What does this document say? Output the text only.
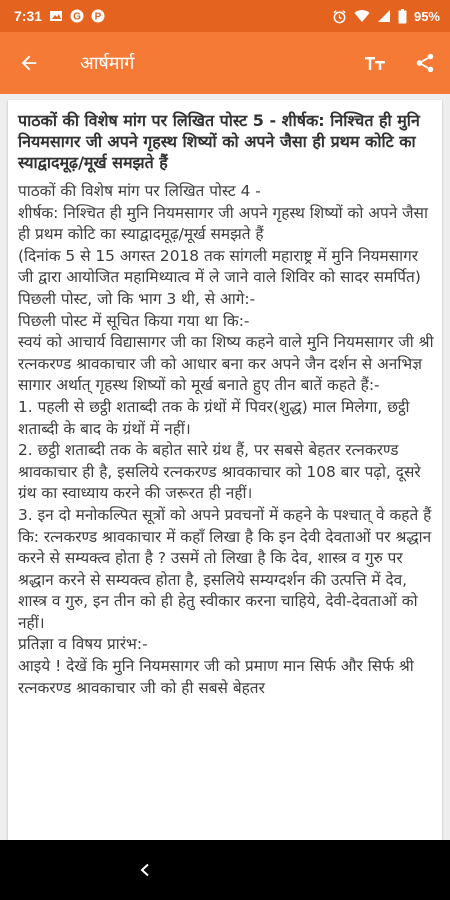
7:31	G P	95%
आर्षमार्ग
पाठकों की विशेष मांग पर लिखित पोस्ट 5 - शीर्षक: निश्चित ही मुनि नियमसागर जी अपने गृहस्थ शिष्यों को अपने जैसा ही प्रथम कोटि का स्याद्वादमूढ़/मूर्ख समझते हैं

पाठकों की विशेष मांग पर लिखित पोस्ट 4 -

शीर्षक: निश्चित ही मुनि नियमसागर जी अपने गृहस्थ शिष्यों को अपने जैसा ही प्रथम कोटि का स्याद्वादमूढ़/मूर्ख समझते हैं

(दिनांक 5 से 15 अगस्त 2018 तक सांगली महाराष्ट्र में मुनि नियमसागर जी द्वारा आयोजित महामिथ्यात्व में ले जाने वाले शिविर को सादर समर्पित)

पिछली पोस्ट, जो कि भाग 3 थी, से आगे:-

पिछली पोस्ट में सूचित किया गया था कि:-

स्वयं को आचार्य विद्यासागर जी का शिष्य कहने वाले मुनि नियमसागर जी श्री रत्नकरण्ड श्रावकाचार जी को आधार बना कर अपने जैन दर्शन से अनभिज्ञ सागार अर्थात् गृहस्थ शिष्यों को मूर्ख बनाते हुए तीन बातें कहते हैं:-

1. पहली से छट्ठी शताब्दी तक के ग्रंथों में पिवर(शुद्ध) माल मिलेगा, छट्ठी शताब्दी के बाद के ग्रंथों में नहीं।

2. छट्ठी शताब्दी तक के बहोत सारे ग्रंथ हैं, पर सबसे बेहतर रत्नकरण्ड श्रावकाचार ही है, इसलिये रत्नकरण्ड श्रावकाचार को 108 बार पढ़ो, दूसरे ग्रंथ का स्वाध्याय करने की जरूरत ही नहीं।

3. इन दो मनोकल्पित सूत्रों को अपने प्रवचनों में कहने के पश्चात् वे कहते हैं कि: रत्नकरण्ड श्रावकाचार में कहाँ लिखा है कि इन देवी देवताओं पर श्रद्धान करने से सम्यक्त्व होता है ? उसमें तो लिखा है कि देव, शास्त्र व गुरु पर श्रद्धान करने से सम्यक्त्व होता है, इसलिये सम्यग्दर्शन की उत्पत्ति में देव, शास्त्र व गुरु, इन तीन को ही हेतु स्वीकार करना चाहिये, देवी-देवताओं को नहीं।

प्रतिज्ञा व विषय प्रारंभ:-

आइये ! देखें कि मुनि नियमसागर जी को प्रमाण मान सिर्फ और सिर्फ श्री रत्नकरण्ड श्रावकाचार जी को ही सबसे बेहतर
